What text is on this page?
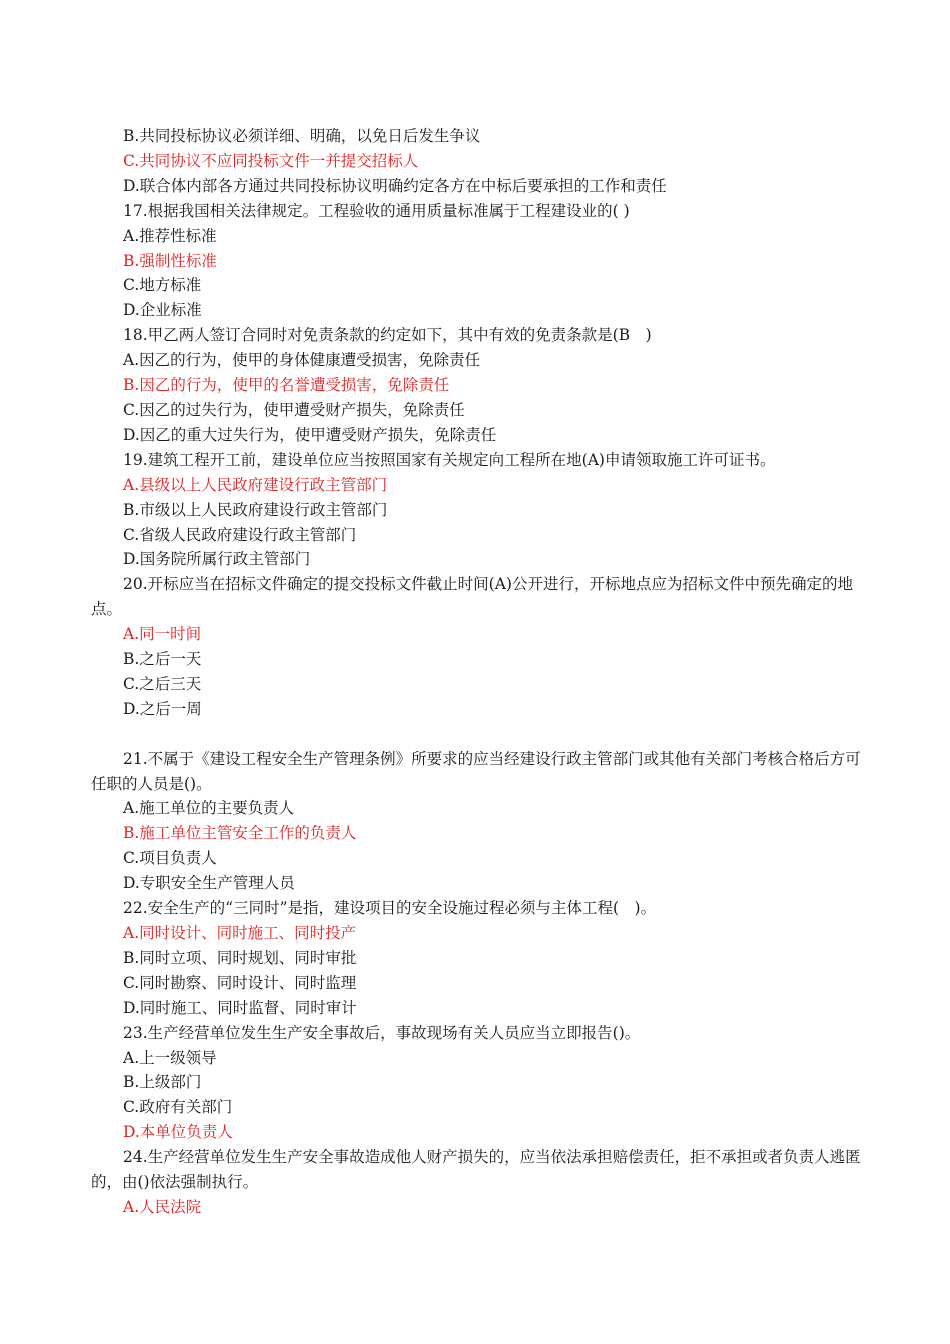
B.共同投标协议必须详细、明确，以免日后发生争议
C.共同协议不应同投标文件一并提交招标人
D.联合体内部各方通过共同投标协议明确约定各方在中标后要承担的工作和责任
17.根据我国相关法律规定。工程验收的通用质量标准属于工程建设业的( )
A.推荐性标准
B.强制性标准
C.地方标准
D.企业标准
18.甲乙两人签订合同时对免责条款的约定如下，其中有效的免责条款是(B　)
A.因乙的行为，使甲的身体健康遭受损害，免除责任
B.因乙的行为，使甲的名誉遭受损害，免除责任
C.因乙的过失行为，使甲遭受财产损失，免除责任
D.因乙的重大过失行为，使甲遭受财产损失，免除责任
19.建筑工程开工前，建设单位应当按照国家有关规定向工程所在地(A)申请领取施工许可证书。
A.县级以上人民政府建设行政主管部门
B.市级以上人民政府建设行政主管部门
C.省级人民政府建设行政主管部门
D.国务院所属行政主管部门
20.开标应当在招标文件确定的提交投标文件截止时间(A)公开进行，开标地点应为招标文件中预先确定的地点。
A.同一时间
B.之后一天
C.之后三天
D.之后一周
21.不属于《建设工程安全生产管理条例》所要求的应当经建设行政主管部门或其他有关部门考核合格后方可任职的人员是()。
A.施工单位的主要负责人
B.施工单位主管安全工作的负责人
C.项目负责人
D.专职安全生产管理人员
22.安全生产的“三同时”是指，建设项目的安全设施过程必须与主体工程(　)。
A.同时设计、同时施工、同时投产
B.同时立项、同时规划、同时审批
C.同时勘察、同时设计、同时监理
D.同时施工、同时监督、同时审计
23.生产经营单位发生生产安全事故后，事故现场有关人员应当立即报告()。
A.上一级领导
B.上级部门
C.政府有关部门
D.本单位负责人
24.生产经营单位发生生产安全事故造成他人财产损失的，应当依法承担赔偿责任，拒不承担或者负责人逃匿的，由()依法强制执行。
A.人民法院
